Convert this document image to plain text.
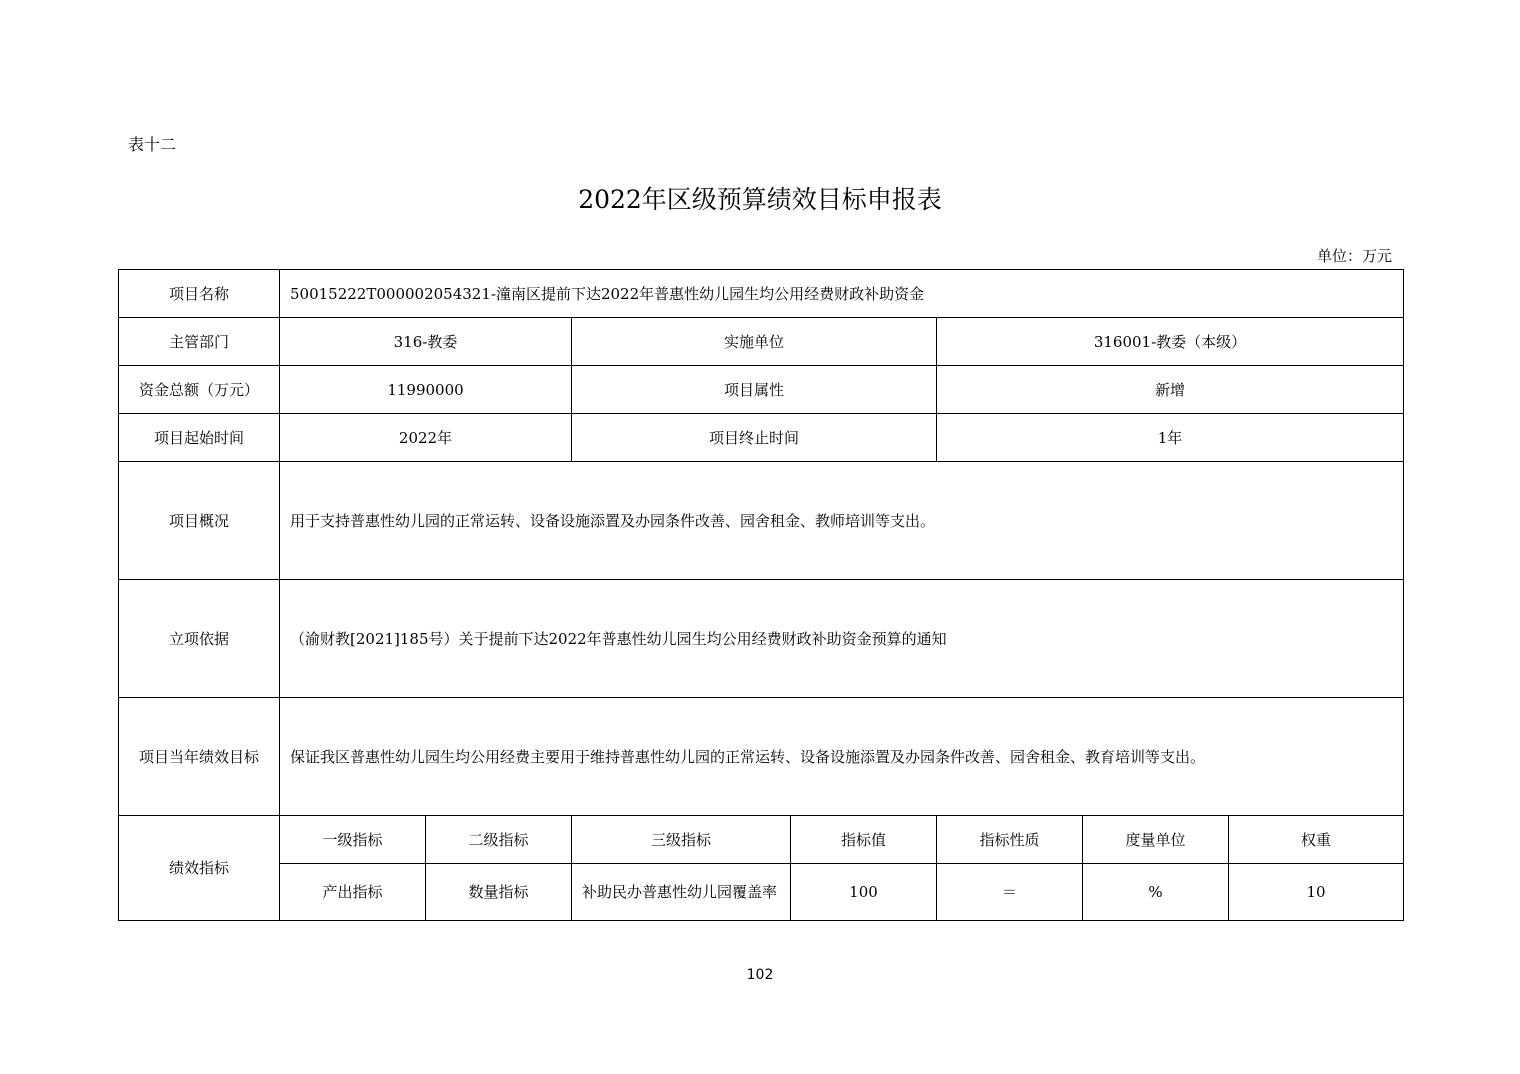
表十二
2022年区级预算绩效目标申报表
单位：万元
项目名称	50015222T000002054321-潼南区提前下达2022年普惠性幼儿园生均公用经费财政补助资金						
主管部门	316-教委		实施单位		316001-教委（本级）		
资金总额（万元）	11990000		项目属性		新增		
项目起始时间	2022年		项目终止时间		1年		
项目概况	用于支持普惠性幼儿园的正常运转、设备设施添置及办园条件改善、园舍租金、教师培训等支出。						
立项依据	（渝财教[2021]185号）关于提前下达2022年普惠性幼儿园生均公用经费财政补助资金预算的通知						
项目当年绩效目标	保证我区普惠性幼儿园生均公用经费主要用于维持普惠性幼儿园的正常运转、设备设施添置及办园条件改善、园舍租金、教育培训等支出。						
绩效指标	一级指标	二级指标	三级指标	指标值	指标性质	度量单位	权重
	产出指标	数量指标	补助民办普惠性幼儿园覆盖率	100	＝	%	10
102
